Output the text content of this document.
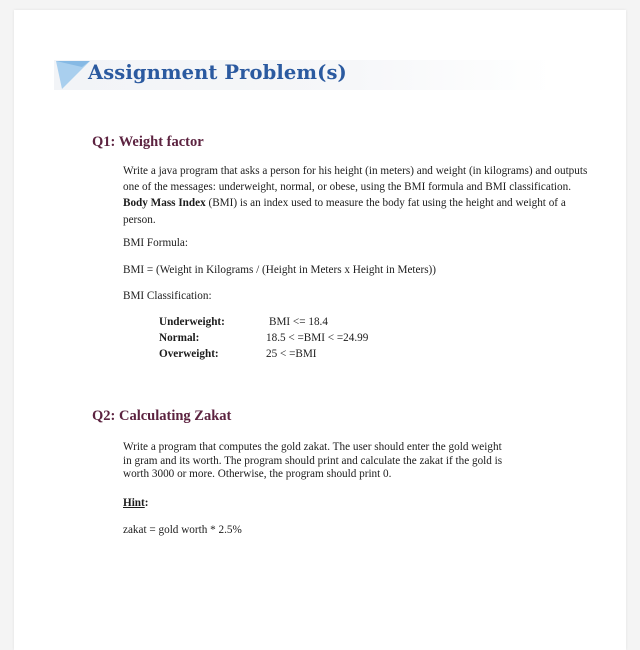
Assignment Problem(s)
Q1: Weight factor

Write a java program that asks a person for his height (in meters) and weight (in kilograms) and outputs one of the messages: underweight, normal, or obese, using the BMI formula and BMI classification. Body Mass Index (BMI) is an index used to measure the body fat using the height and weight of a person.

BMI Formula:
BMI = (Weight in Kilograms / (Height in Meters x Height in Meters))
BMI Classification:
Underweight:	BMI <= 18.4
Normal:	18.5 < =BMI < =24.99
Overweight:	25 < =BMI
Q2: Calculating Zakat

Write a program that computes the gold zakat. The user should enter the gold weight in gram and its worth. The program should print and calculate the zakat if the gold is worth 3000 or more. Otherwise, the program should print 0.

Hint:
zakat = gold worth * 2.5%
